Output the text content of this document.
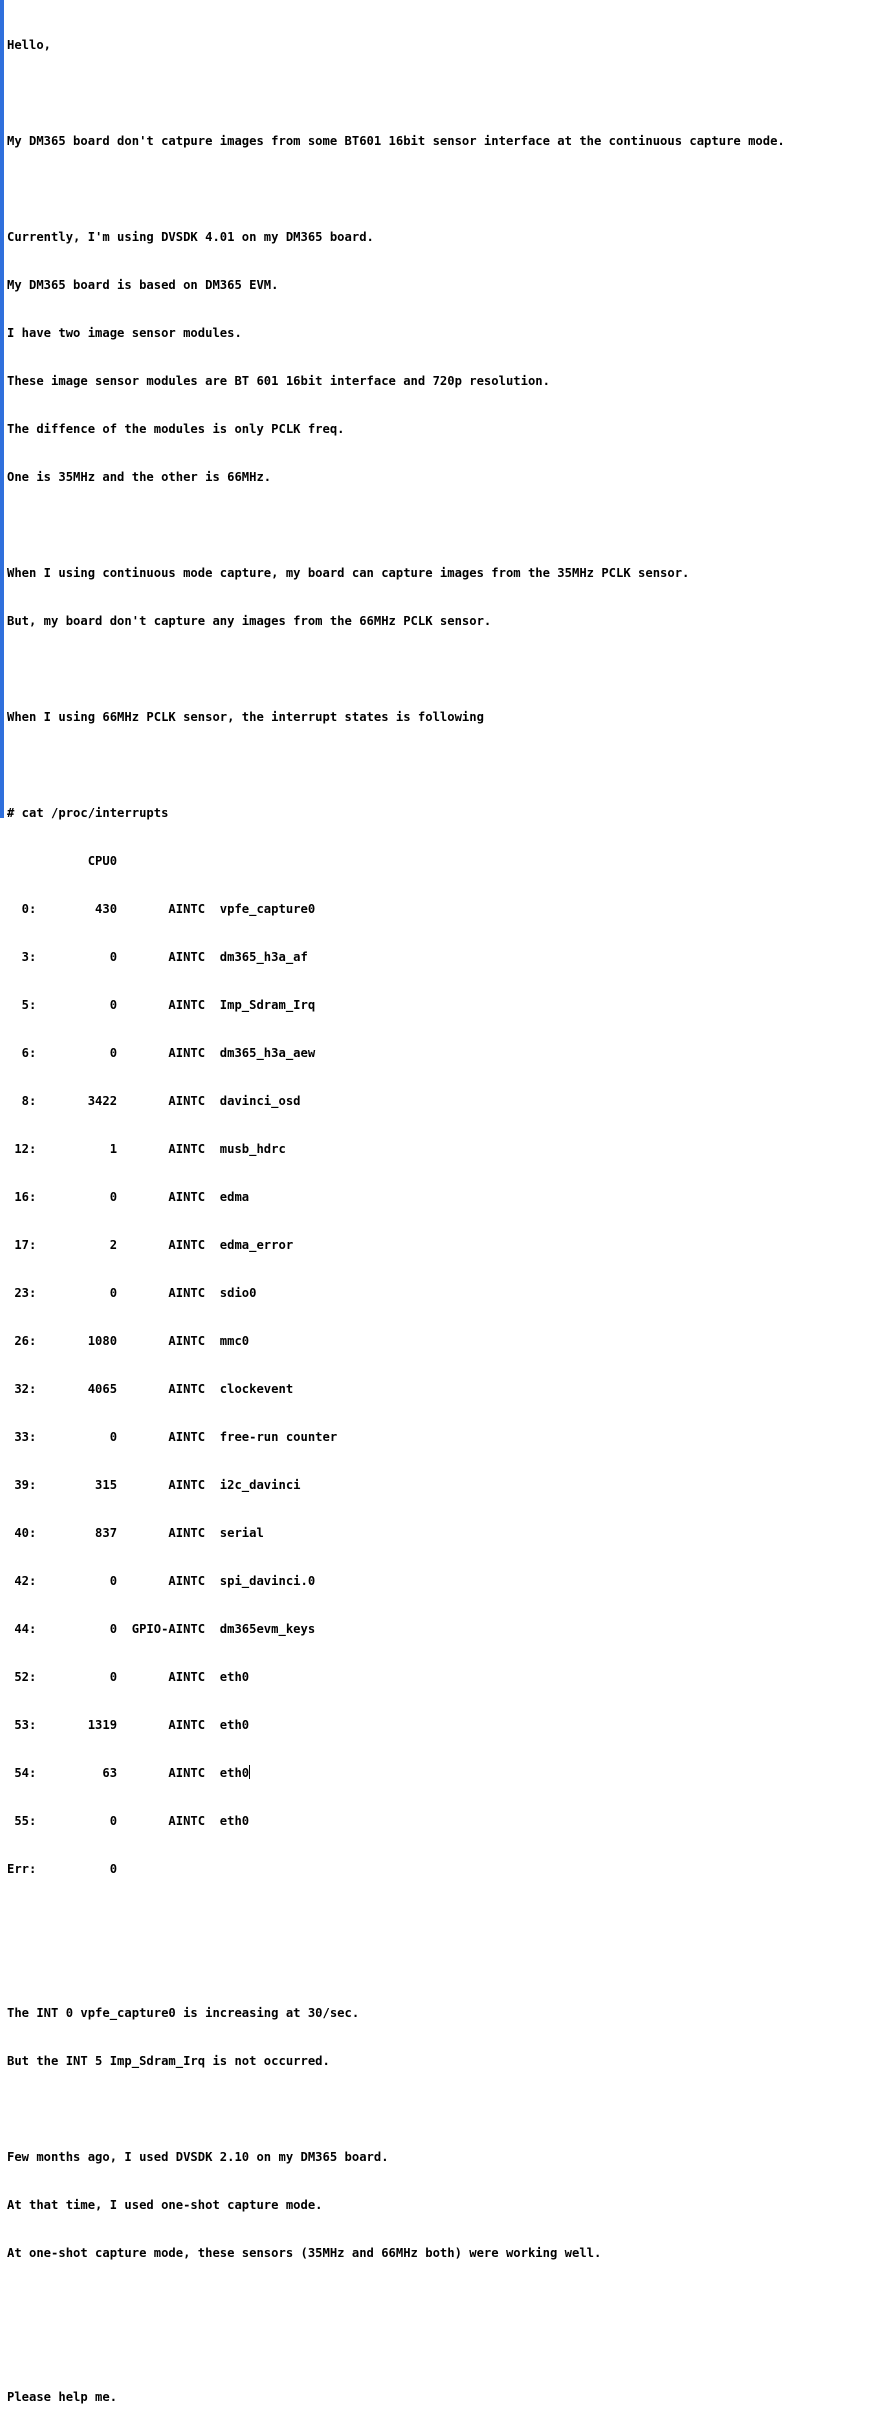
Hello,

My DM365 board don't catpure images from some BT601 16bit sensor interface at the continuous capture mode.

Currently, I'm using DVSDK 4.01 on my DM365 board.

My DM365 board is based on DM365 EVM.

I have two image sensor modules.

These image sensor modules are BT 601 16bit interface and 720p resolution.

The diffence of the modules is only PCLK freq.

One is 35MHz and the other is 66MHz.

When I using continuous mode capture, my board can capture images from the 35MHz PCLK sensor.

But, my board don't capture any images from the 66MHz PCLK sensor.

When I using 66MHz PCLK sensor, the interrupt states is following

# cat /proc/interrupts

CPU0

0:        430       AINTC  vpfe_capture0

3:          0       AINTC  dm365_h3a_af

5:          0       AINTC  Imp_Sdram_Irq

6:          0       AINTC  dm365_h3a_aew

8:       3422       AINTC  davinci_osd

12:          1       AINTC  musb_hdrc

16:          0       AINTC  edma

17:          2       AINTC  edma_error

23:          0       AINTC  sdio0

26:       1080       AINTC  mmc0

32:       4065       AINTC  clockevent

33:          0       AINTC  free-run counter

39:        315       AINTC  i2c_davinci

40:        837       AINTC  serial

42:          0       AINTC  spi_davinci.0

44:          0  GPIO-AINTC  dm365evm_keys

52:          0       AINTC  eth0

53:       1319       AINTC  eth0

54:         63       AINTC  eth0

55:          0       AINTC  eth0

Err:          0

The INT 0 vpfe_capture0 is increasing at 30/sec.

But the INT 5 Imp_Sdram_Irq is not occurred.

Few months ago, I used DVSDK 2.10 on my DM365 board.

At that time, I used one-shot capture mode.

At one-shot capture mode, these sensors (35MHz and 66MHz both) were working well.

Please help me.
